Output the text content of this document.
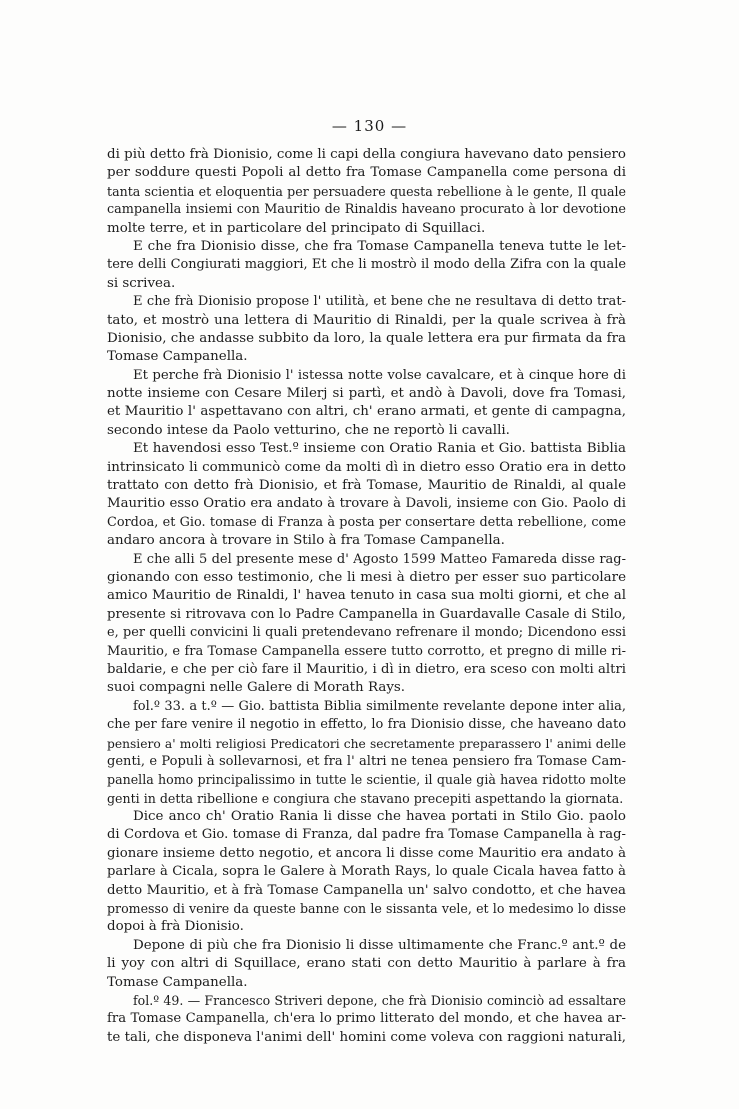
— 130 —
di più detto frà Dionisio, come li capi della congiura havevano dato pensiero
per soddure questi Popoli al detto fra Tomase Campanella come persona di
tanta scientia et eloquentia per persuadere questa rebellione à le gente, Il quale
campanella insiemi con Mauritio de Rinaldis haveano procurato à lor devotione
molte terre, et in particolare del principato di Squillaci.
E che fra Dionisio disse, che fra Tomase Campanella teneva tutte le let-
tere delli Congiurati maggiori, Et che li mostrò il modo della Zifra con la quale
si scrivea.
E che frà Dionisio propose l' utilità, et bene che ne resultava di detto trat-
tato, et mostrò una lettera di Mauritio di Rinaldi, per la quale scrivea à frà
Dionisio, che andasse subbito da loro, la quale lettera era pur firmata da fra
Tomase Campanella.
Et perche frà Dionisio l' istessa notte volse cavalcare, et à cinque hore di
notte insieme con Cesare Milerj si partì, et andò à Davoli, dove fra Tomasi,
et Mauritio l' aspettavano con altri, ch' erano armati, et gente di campagna,
secondo intese da Paolo vetturino, che ne reportò li cavalli.
Et havendosi esso Test.º insieme con Oratio Rania et Gio. battista Biblia
intrinsicato li communicò come da molti dì in dietro esso Oratio era in detto
trattato con detto frà Dionisio, et frà Tomase, Mauritio de Rinaldi, al quale
Mauritio esso Oratio era andato à trovare à Davoli, insieme con Gio. Paolo di
Cordoa, et Gio. tomase di Franza à posta per consertare detta rebellione, come
andaro ancora à trovare in Stilo à fra Tomase Campanella.
E che alli 5 del presente mese d' Agosto 1599 Matteo Famareda disse rag-
gionando con esso testimonio, che li mesi à dietro per esser suo particolare
amico Mauritio de Rinaldi, l' havea tenuto in casa sua molti giorni, et che al
presente si ritrovava con lo Padre Campanella in Guardavalle Casale di Stilo,
e, per quelli convicini li quali pretendevano refrenare il mondo; Dicendono essi
Mauritio, e fra Tomase Campanella essere tutto corrotto, et pregno di mille ri-
baldarie, e che per ciò fare il Mauritio, i dì in dietro, era sceso con molti altri
suoi compagni nelle Galere di Morath Rays.
fol.º 33. a t.º — Gio. battista Biblia similmente revelante depone inter alia,
che per fare venire il negotio in effetto, lo fra Dionisio disse, che haveano dato
pensiero a' molti religiosi Predicatori che secretamente preparassero l' animi delle
genti, e Populi à sollevarnosi, et fra l' altri ne tenea pensiero fra Tomase Cam-
panella homo principalissimo in tutte le scientie, il quale già havea ridotto molte
genti in detta ribellione e congiura che stavano precepiti aspettando la giornata.
Dice anco ch' Oratio Rania li disse che havea portati in Stilo Gio. paolo
di Cordova et Gio. tomase di Franza, dal padre fra Tomase Campanella à rag-
gionare insieme detto negotio, et ancora li disse come Mauritio era andato à
parlare à Cicala, sopra le Galere à Morath Rays, lo quale Cicala havea fatto à
detto Mauritio, et à frà Tomase Campanella un' salvo condotto, et che havea
promesso di venire da queste banne con le sissanta vele, et lo medesimo lo disse
dopoi à frà Dionisio.
Depone di più che fra Dionisio li disse ultimamente che Franc.º ant.º de
li yoy con altri di Squillace, erano stati con detto Mauritio à parlare à fra
Tomase Campanella.
fol.º 49. — Francesco Striveri depone, che frà Dionisio cominciò ad essaltare
fra Tomase Campanella, ch'era lo primo litterato del mondo, et che havea ar-
te tali, che disponeva l'animi dell' homini come voleva con raggioni naturali,
